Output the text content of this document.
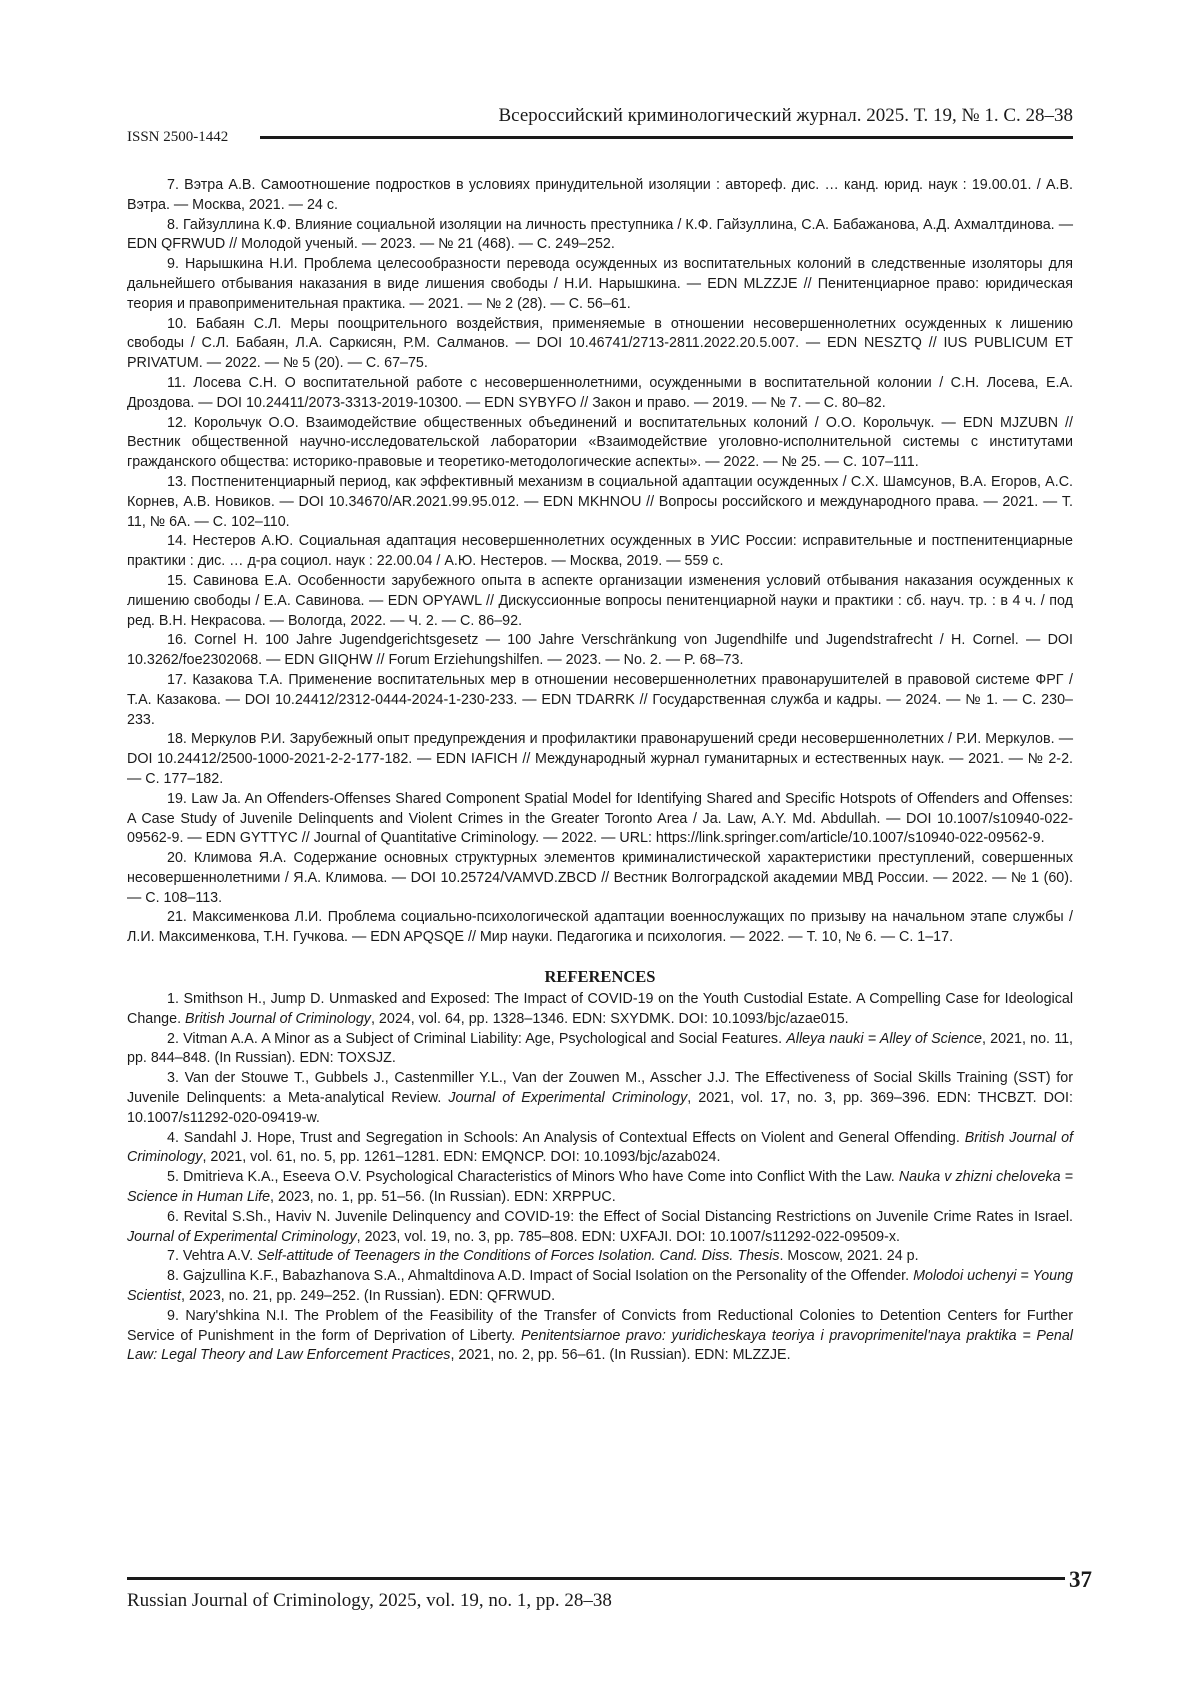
Всероссийский криминологический журнал. 2025. Т. 19, № 1. С. 28–38
ISSN 2500-1442

7. Вэтра А.В. Самоотношение подростков в условиях принудительной изоляции : автореф. дис. … канд. юрид. наук : 19.00.01. / А.В. Вэтра. — Москва, 2021. — 24 с.

8. Гайзуллина К.Ф. Влияние социальной изоляции на личность преступника / К.Ф. Гайзуллина, С.А. Бабажанова, А.Д. Ахмалтдинова. — EDN QFRWUD // Молодой ученый. — 2023. — № 21 (468). — С. 249–252.

9. Нарышкина Н.И. Проблема целесообразности перевода осужденных из воспитательных колоний в следственные изоляторы для дальнейшего отбывания наказания в виде лишения свободы / Н.И. Нарышкина. — EDN MLZZJE // Пенитенциарное право: юридическая теория и правоприменительная практика. — 2021. — № 2 (28). — С. 56–61.

10. Бабаян С.Л. Меры поощрительного воздействия, применяемые в отношении несовершеннолетних осужденных к лишению свободы / С.Л. Бабаян, Л.А. Саркисян, Р.М. Салманов. — DOI 10.46741/2713-2811.2022.20.5.007. — EDN NESZTQ // IUS PUBLICUM ET PRIVATUM. — 2022. — № 5 (20). — С. 67–75.

11. Лосева С.Н. О воспитательной работе с несовершеннолетними, осужденными в воспитательной колонии / С.Н. Лосева, Е.А. Дроздова. — DOI 10.24411/2073-3313-2019-10300. — EDN SYBYFO // Закон и право. — 2019. — № 7. — С. 80–82.

12. Корольчук О.О. Взаимодействие общественных объединений и воспитательных колоний / О.О. Корольчук. — EDN MJZUBN // Вестник общественной научно-исследовательской лаборатории «Взаимодействие уголовно-исполнительной системы с институтами гражданского общества: историко-правовые и теоретико-методологические аспекты». — 2022. — № 25. — С. 107–111.

13. Постпенитенциарный период, как эффективный механизм в социальной адаптации осужденных / С.Х. Шамсунов, В.А. Егоров, А.С. Корнев, А.В. Новиков. — DOI 10.34670/AR.2021.99.95.012. — EDN MKHNOU // Вопросы российского и международного права. — 2021. — Т. 11, № 6А. — С. 102–110.

14. Нестеров А.Ю. Социальная адаптация несовершеннолетних осужденных в УИС России: исправительные и постпенитенциарные практики : дис. … д-ра социол. наук : 22.00.04 / А.Ю. Нестеров. — Москва, 2019. — 559 с.

15. Савинова Е.А. Особенности зарубежного опыта в аспекте организации изменения условий отбывания наказания осужденных к лишению свободы / Е.А. Савинова. — EDN OPYAWL // Дискуссионные вопросы пенитенциарной науки и практики : сб. науч. тр. : в 4 ч. / под ред. В.Н. Некрасова. — Вологда, 2022. — Ч. 2. — С. 86–92.

16. Cornel H. 100 Jahre Jugendgerichtsgesetz — 100 Jahre Verschränkung von Jugendhilfe und Jugendstrafrecht / H. Cornel. — DOI 10.3262/foe2302068. — EDN GIIQHW // Forum Erziehungshilfen. — 2023. — No. 2. — P. 68–73.

17. Казакова Т.А. Применение воспитательных мер в отношении несовершеннолетних правонарушителей в правовой системе ФРГ / Т.А. Казакова. — DOI 10.24412/2312-0444-2024-1-230-233. — EDN TDARRK // Государственная служба и кадры. — 2024. — № 1. — С. 230–233.

18. Меркулов Р.И. Зарубежный опыт предупреждения и профилактики правонарушений среди несовершеннолетних / Р.И. Меркулов. — DOI 10.24412/2500-1000-2021-2-2-177-182. — EDN IAFICH // Международный журнал гуманитарных и естественных наук. — 2021. — № 2-2. — С. 177–182.

19. Law Ja. An Offenders-Offenses Shared Component Spatial Model for Identifying Shared and Specific Hotspots of Offenders and Offenses: A Case Study of Juvenile Delinquents and Violent Crimes in the Greater Toronto Area / Ja. Law, A.Y. Md. Abdullah. — DOI 10.1007/s10940-022-09562-9. — EDN GYTTYC // Journal of Quantitative Criminology. — 2022. — URL: https://link.springer.com/article/10.1007/s10940-022-09562-9.

20. Климова Я.А. Содержание основных структурных элементов криминалистической характеристики преступлений, совершенных несовершеннолетними / Я.А. Климова. — DOI 10.25724/VAMVD.ZBCD // Вестник Волгоградской академии МВД России. — 2022. — № 1 (60). — С. 108–113.

21. Максименкова Л.И. Проблема социально-психологической адаптации военнослужащих по призыву на начальном этапе службы / Л.И. Максименкова, Т.Н. Гучкова. — EDN APQSQE // Мир науки. Педагогика и психология. — 2022. — Т. 10, № 6. — С. 1–17.

REFERENCES

1. Smithson H., Jump D. Unmasked and Exposed: The Impact of COVID-19 on the Youth Custodial Estate. A Compelling Case for Ideological Change. British Journal of Criminology, 2024, vol. 64, pp. 1328–1346. EDN: SXYDMK. DOI: 10.1093/bjc/azae015.

2. Vitman A.A. A Minor as a Subject of Criminal Liability: Age, Psychological and Social Features. Alleya nauki = Alley of Science, 2021, no. 11, pp. 844–848. (In Russian). EDN: TOXSJZ.

3. Van der Stouwe T., Gubbels J., Castenmiller Y.L., Van der Zouwen M., Asscher J.J. The Effectiveness of Social Skills Training (SST) for Juvenile Delinquents: a Meta-analytical Review. Journal of Experimental Criminology, 2021, vol. 17, no. 3, pp. 369–396. EDN: THCBZT. DOI: 10.1007/s11292-020-09419-w.

4. Sandahl J. Hope, Trust and Segregation in Schools: An Analysis of Contextual Effects on Violent and General Offending. British Journal of Criminology, 2021, vol. 61, no. 5, pp. 1261–1281. EDN: EMQNCP. DOI: 10.1093/bjc/azab024.

5. Dmitrieva K.A., Eseeva O.V. Psychological Characteristics of Minors Who have Come into Conflict With the Law. Nauka v zhizni cheloveka = Science in Human Life, 2023, no. 1, pp. 51–56. (In Russian). EDN: XRPPUC.

6. Revital S.Sh., Haviv N. Juvenile Delinquency and COVID-19: the Effect of Social Distancing Restrictions on Juvenile Crime Rates in Israel. Journal of Experimental Criminology, 2023, vol. 19, no. 3, pp. 785–808. EDN: UXFAJI. DOI: 10.1007/s11292-022-09509-x.

7. Vehtra A.V. Self-attitude of Teenagers in the Conditions of Forces Isolation. Cand. Diss. Thesis. Moscow, 2021. 24 p.

8. Gajzullina K.F., Babazhanova S.A., Ahmaltdinova A.D. Impact of Social Isolation on the Personality of the Offender. Molodoi uchenyi = Young Scientist, 2023, no. 21, pp. 249–252. (In Russian). EDN: QFRWUD.

9. Nary'shkina N.I. The Problem of the Feasibility of the Transfer of Convicts from Reductional Colonies to Detention Centers for Further Service of Punishment in the form of Deprivation of Liberty. Penitentsiarnoe pravo: yuridicheskaya teoriya i pravoprimenitel'naya praktika = Penal Law: Legal Theory and Law Enforcement Practices, 2021, no. 2, pp. 56–61. (In Russian). EDN: MLZZJE.

37
Russian Journal of Criminology, 2025, vol. 19, no. 1, pp. 28–38
